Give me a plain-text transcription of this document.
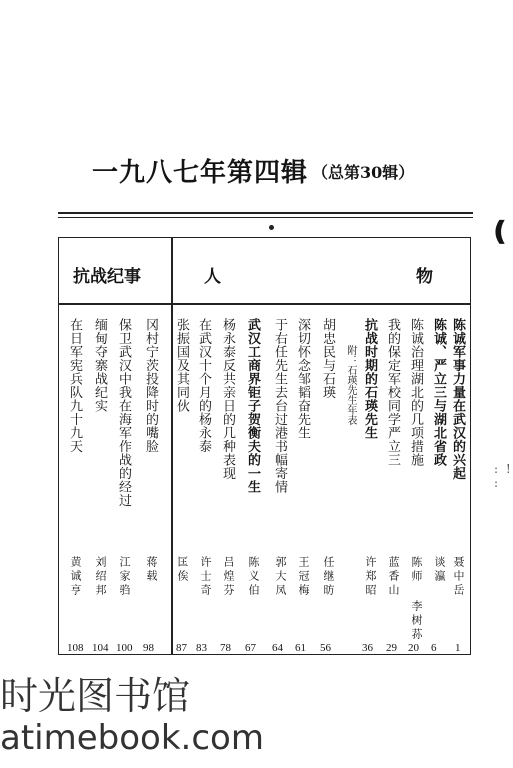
一九八七年第四辑 （总第30辑）
人	物
抗战纪事
陈诚军事力量在武汉的兴起
聂中岳
1
陈诚、严立三与湖北省政
谈瀛
6
陈诚治理湖北的几项措施
陈师 李树荪
20
我的保定军校同学严立三
蓝香山
29
抗战时期的石瑛先生
许郑昭
36
附：石瑛先生年表
胡忠民与石瑛
任继昉
56
深切怀念邹韬奋先生
王冠梅
61
于右任先生去台过港书幅寄情
郭大凤
64
武汉工商界钜子贺衡夫的一生
陈义伯
67
杨永泰反共亲日的几种表现
吕煌芬
78
在武汉十个月的杨永泰
许士奇
83
张振国及其同伙
匡俟
87
冈村宁茨投降时的嘴脸
蒋载
98
保卫武汉中我在海军作战的经过
江家驺
100
缅甸夺寨战纪实
刘绍邦
104
在日军宪兵队九十九天
黄诚亨
108
❪
: ! :
时光图书馆
atimebook.com
